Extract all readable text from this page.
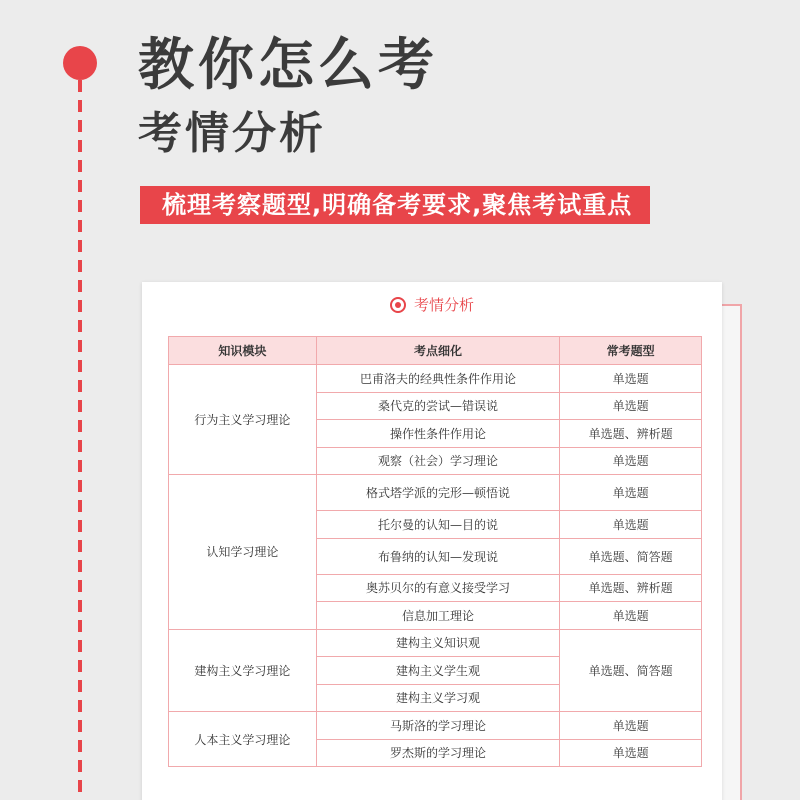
教你怎么考
考情分析
梳理考察题型,明确备考要求,聚焦考试重点
考情分析
知识模块	考点细化	常考题型
行为主义学习理论	巴甫洛夫的经典性条件作用论	单选题
	桑代克的尝试—错误说	单选题
	操作性条件作用论	单选题、辨析题
	观察（社会）学习理论	单选题
认知学习理论	格式塔学派的完形—顿悟说	单选题
	托尔曼的认知—目的说	单选题
	布鲁纳的认知—发现说	单选题、简答题
	奥苏贝尔的有意义接受学习	单选题、辨析题
	信息加工理论	单选题
建构主义学习理论	建构主义知识观	单选题、简答题
	建构主义学生观	
	建构主义学习观	
人本主义学习理论	马斯洛的学习理论	单选题
	罗杰斯的学习理论	单选题
